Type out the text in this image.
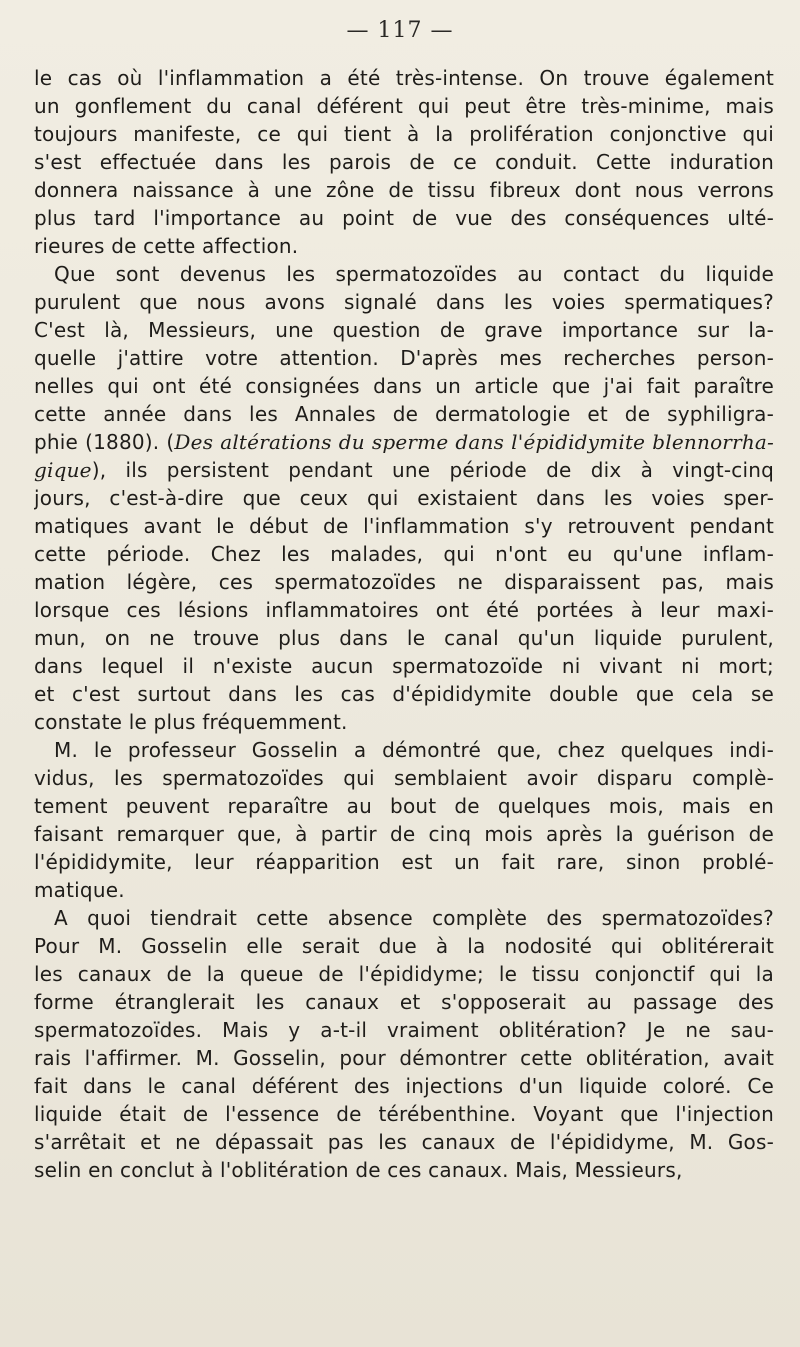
— 117 —
le cas où l'inflammation a été très-intense. On trouve également
un gonflement du canal déférent qui peut être très-minime, mais
toujours manifeste, ce qui tient à la prolifération conjonctive qui
s'est effectuée dans les parois de ce conduit. Cette induration
donnera naissance à une zône de tissu fibreux dont nous verrons
plus tard l'importance au point de vue des conséquences ulté-
rieures de cette affection.
Que sont devenus les spermatozoïdes au contact du liquide
purulent que nous avons signalé dans les voies spermatiques?
C'est là, Messieurs, une question de grave importance sur la-
quelle j'attire votre attention. D'après mes recherches person-
nelles qui ont été consignées dans un article que j'ai fait paraître
cette année dans les Annales de dermatologie et de syphiligra-
phie (1880). (Des altérations du sperme dans l'épididymite blennorrha-
gique), ils persistent pendant une période de dix à vingt-cinq
jours, c'est-à-dire que ceux qui existaient dans les voies sper-
matiques avant le début de l'inflammation s'y retrouvent pendant
cette période. Chez les malades, qui n'ont eu qu'une inflam-
mation légère, ces spermatozoïdes ne disparaissent pas, mais
lorsque ces lésions inflammatoires ont été portées à leur maxi-
mun, on ne trouve plus dans le canal qu'un liquide purulent,
dans lequel il n'existe aucun spermatozoïde ni vivant ni mort;
et c'est surtout dans les cas d'épididymite double que cela se
constate le plus fréquemment.
M. le professeur Gosselin a démontré que, chez quelques indi-
vidus, les spermatozoïdes qui semblaient avoir disparu complè-
tement peuvent reparaître au bout de quelques mois, mais en
faisant remarquer que, à partir de cinq mois après la guérison de
l'épididymite, leur réapparition est un fait rare, sinon problé-
matique.
A quoi tiendrait cette absence complète des spermatozoïdes?
Pour M. Gosselin elle serait due à la nodosité qui oblitérerait
les canaux de la queue de l'épididyme; le tissu conjonctif qui la
forme étranglerait les canaux et s'opposerait au passage des
spermatozoïdes. Mais y a-t-il vraiment oblitération? Je ne sau-
rais l'affirmer. M. Gosselin, pour démontrer cette oblitération, avait
fait dans le canal déférent des injections d'un liquide coloré. Ce
liquide était de l'essence de térébenthine. Voyant que l'injection
s'arrêtait et ne dépassait pas les canaux de l'épididyme, M. Gos-
selin en conclut à l'oblitération de ces canaux. Mais, Messieurs,
